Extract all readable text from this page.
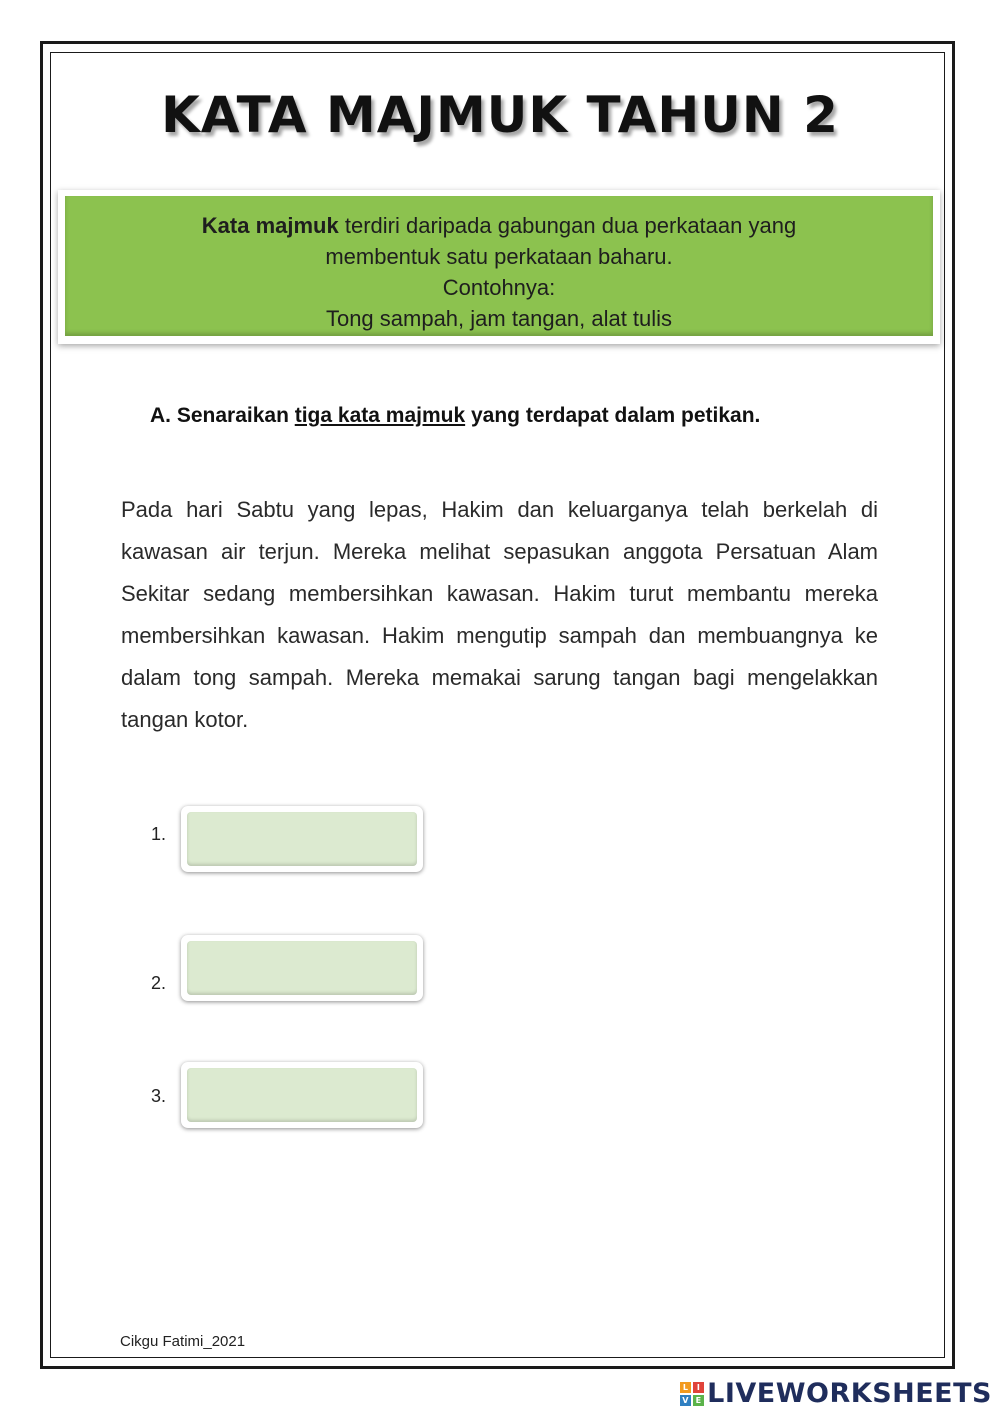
KATA MAJMUK TAHUN 2
Kata majmuk terdiri daripada gabungan dua perkataan yang
membentuk satu perkataan baharu.
Contohnya:
Tong sampah, jam tangan, alat tulis
A. Senaraikan tiga kata majmuk yang terdapat dalam petikan.
Pada hari Sabtu yang lepas, Hakim dan keluarganya telah berkelah di kawasan air terjun. Mereka melihat sepasukan anggota Persatuan Alam Sekitar sedang membersihkan kawasan. Hakim turut membantu mereka membersihkan kawasan. Hakim mengutip sampah dan membuangnya ke dalam tong sampah. Mereka memakai sarung tangan bagi mengelakkan tangan kotor.
1.
2.
3.
Cikgu Fatimi_2021
L	I
V E LIVEWORKSHEETS
